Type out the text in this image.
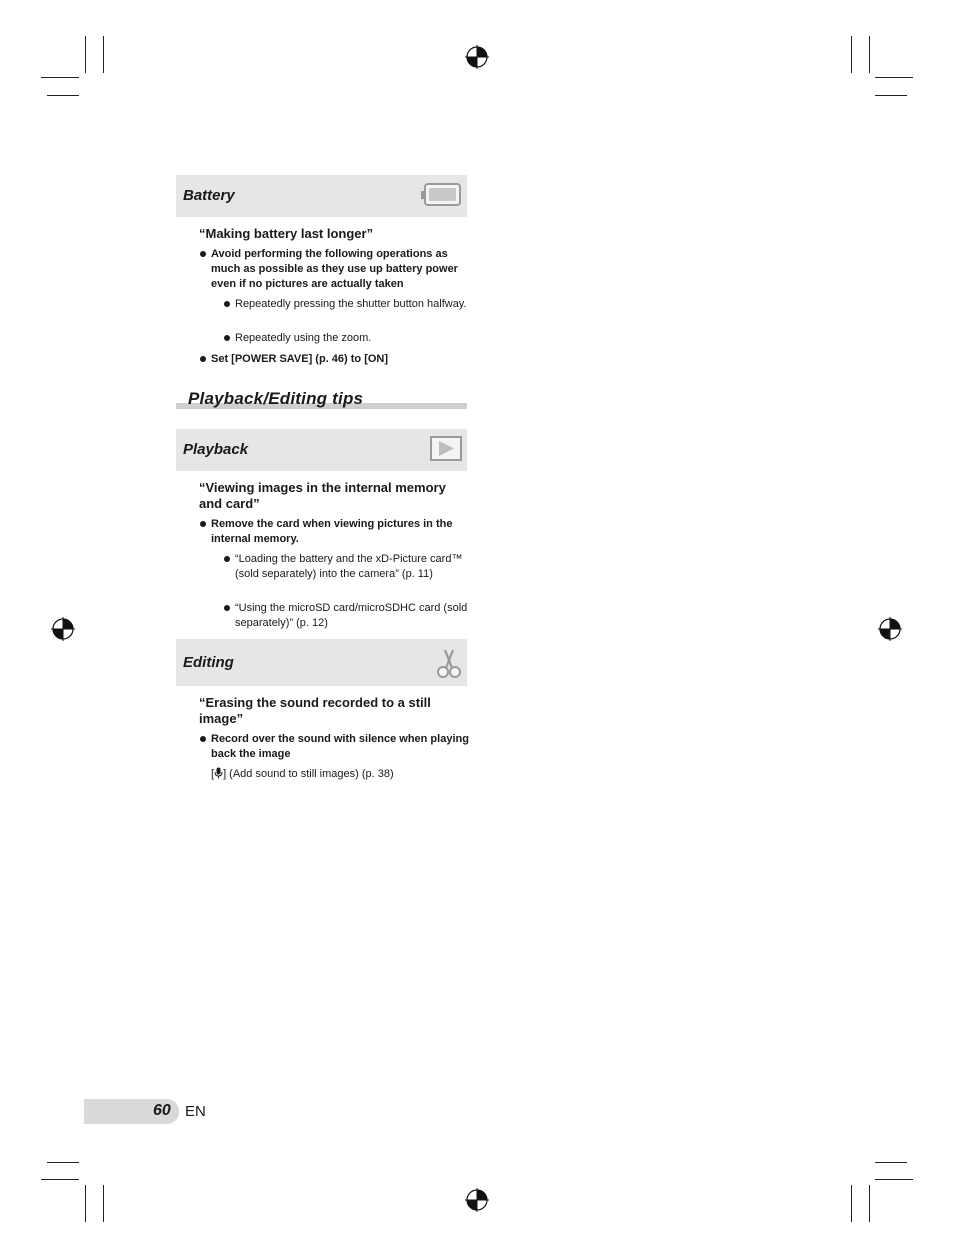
Battery
“Making battery last longer”
Avoid performing the following operations as much as possible as they use up battery power even if no pictures are actually taken
Repeatedly pressing the shutter button halfway.
Repeatedly using the zoom.
Set [POWER SAVE] (p. 46) to [ON]
Playback/Editing tips
Playback
“Viewing images in the internal memory and card”
Remove the card when viewing pictures in the internal memory.
“Loading the battery and the xD-Picture card™ (sold separately) into the camera” (p. 11)
“Using the microSD card/microSDHC card (sold separately)” (p. 12)
Editing
“Erasing the sound recorded to a still image”
Record over the sound with silence when playing back the image
[ ] (Add sound to still images) (p. 38)
60 EN
